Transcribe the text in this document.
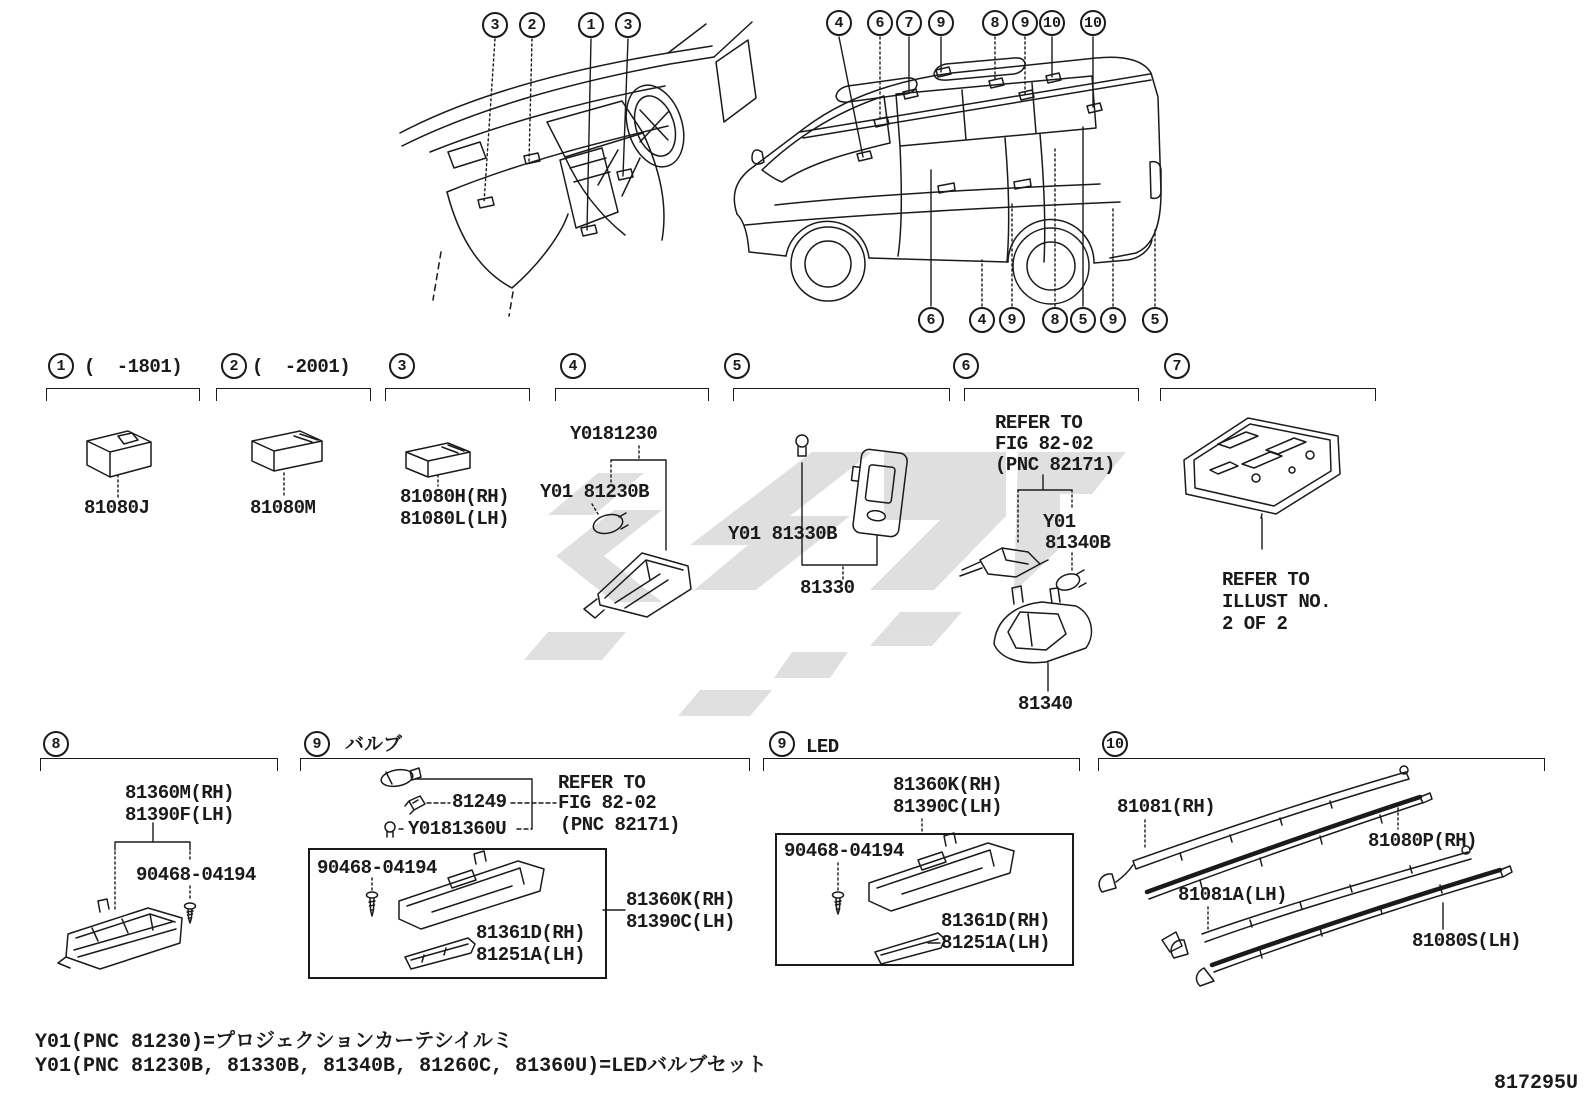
3	2	1	3	4	6	7	9	8	9 10 10
6	4	9	8	5	9	5
1	2	3	4	5	6	7
8	9	9	10
(  -1801)	(  -2001)
81080J	81080M	81080H(RH)
81080L(LH)
Y0181230
Y01 81230B
Y01 81330B
81330
REFER TO
FIG 82-02
(PNC 82171)
Y01
81340B
81340
REFER TO
ILLUST NO.
2 OF 2
81360M(RH)
81390F(LH)
90468-04194
バルブ
81249
Y0181360U
REFER TO
FIG 82-02
(PNC 82171)
90468-04194
81361D(RH)
81251A(LH)
81360K(RH)
81390C(LH)
LED
81360K(RH)
81390C(LH)
90468-04194
81361D(RH)
81251A(LH)
81081(RH)
81080P(RH)
81081A(LH)
81080S(LH)
Y01(PNC 81230)=プロジェクションカーテシイルミ
Y01(PNC 81230B, 81330B, 81340B, 81260C, 81360U)=LEDバルブセット
817295U
